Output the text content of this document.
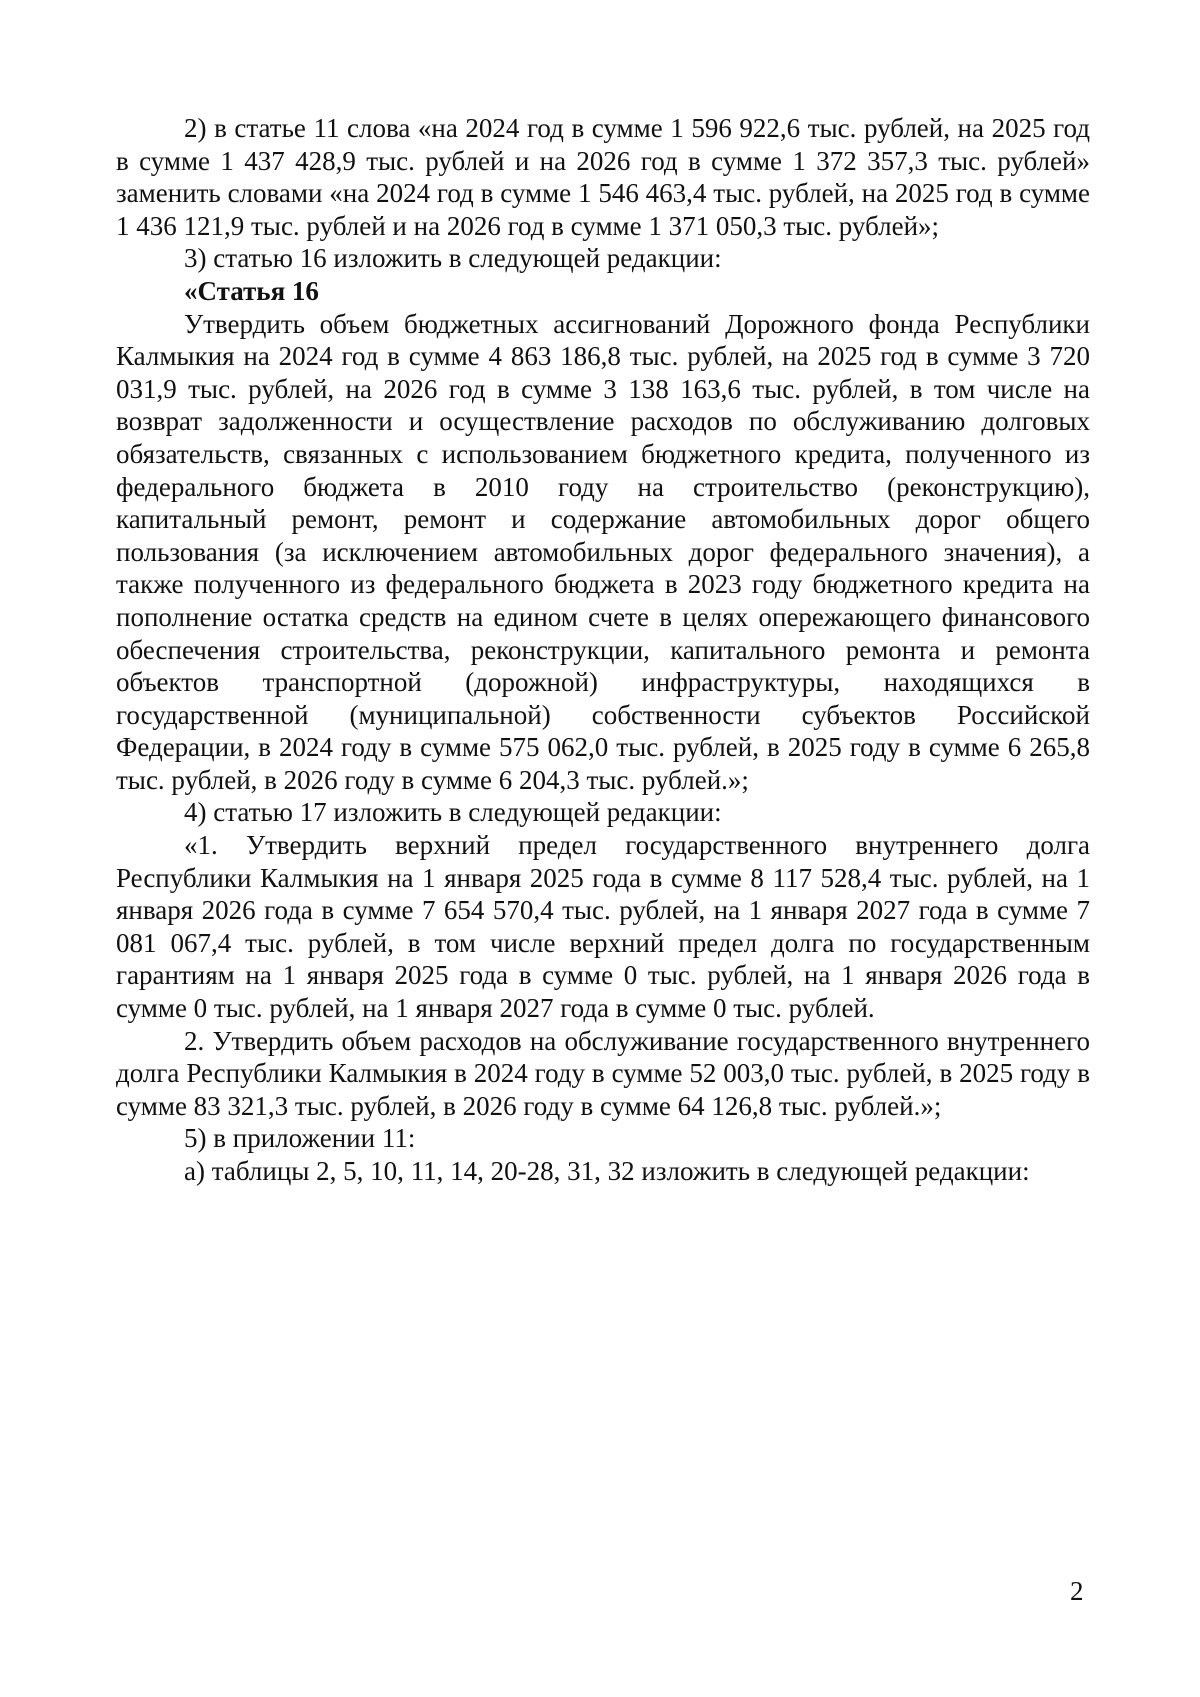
2) в статье 11 слова «на 2024 год в сумме 1 596 922,6 тыс. рублей, на 2025 год в сумме 1 437 428,9 тыс. рублей и на 2026 год в сумме 1 372 357,3 тыс. рублей» заменить словами «на 2024 год в сумме 1 546 463,4 тыс. рублей, на 2025 год в сумме 1 436 121,9 тыс. рублей и на 2026 год в сумме 1 371 050,3 тыс. рублей»;

3) статью 16 изложить в следующей редакции:

«Статья 16

Утвердить объем бюджетных ассигнований Дорожного фонда Республики Калмыкия на 2024 год в сумме 4 863 186,8 тыс. рублей, на 2025 год в сумме 3 720 031,9 тыс. рублей, на 2026 год в сумме 3 138 163,6 тыс. рублей, в том числе на возврат задолженности и осуществление расходов по обслуживанию долговых обязательств, связанных с использованием бюджетного кредита, полученного из федерального бюджета в 2010 году на строительство (реконструкцию), капитальный ремонт, ремонт и содержание автомобильных дорог общего пользования (за исключением автомобильных дорог федерального значения), а также полученного из федерального бюджета в 2023 году бюджетного кредита на пополнение остатка средств на едином счете в целях опережающего финансового обеспечения строительства, реконструкции, капитального ремонта и ремонта объектов транспортной (дорожной) инфраструктуры, находящихся в государственной (муниципальной) собственности субъектов Российской Федерации, в 2024 году в сумме 575 062,0 тыс. рублей, в 2025 году в сумме 6 265,8 тыс. рублей, в 2026 году в сумме 6 204,3 тыс. рублей.»;

4) статью 17 изложить в следующей редакции:

«1. Утвердить верхний предел государственного внутреннего долга Республики Калмыкия на 1 января 2025 года в сумме 8 117 528,4 тыс. рублей, на 1 января 2026 года в сумме 7 654 570,4 тыс. рублей, на 1 января 2027 года в сумме 7 081 067,4 тыс. рублей, в том числе верхний предел долга по государственным гарантиям на 1 января 2025 года в сумме 0 тыс. рублей, на 1 января 2026 года в сумме 0 тыс. рублей, на 1 января 2027 года в сумме 0 тыс. рублей.

2. Утвердить объем расходов на обслуживание государственного внутреннего долга Республики Калмыкия в 2024 году в сумме 52 003,0 тыс. рублей, в 2025 году в сумме 83 321,3 тыс. рублей, в 2026 году в сумме 64 126,8 тыс. рублей.»;

5) в приложении 11:

а) таблицы 2, 5, 10, 11, 14, 20-28, 31, 32 изложить в следующей редакции:

2
